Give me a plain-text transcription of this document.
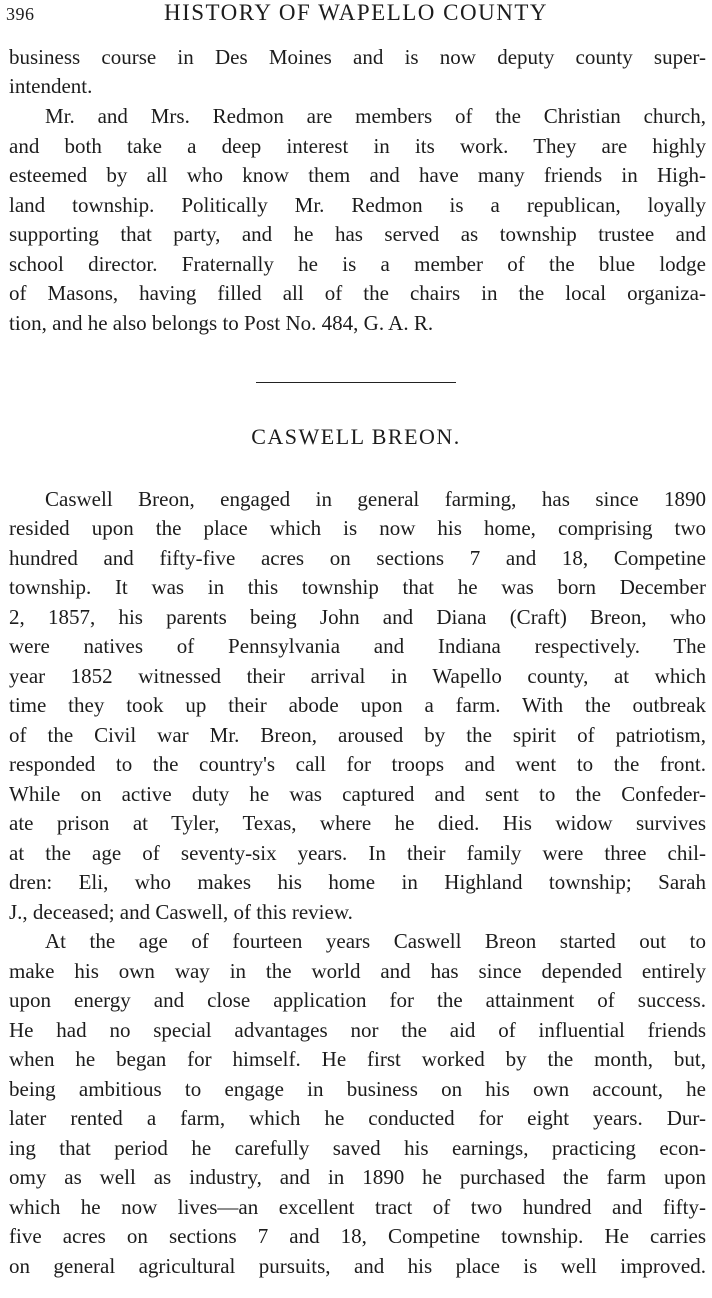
396	HISTORY OF WAPELLO COUNTY
business course in Des Moines and is now deputy county super-
intendent.
Mr. and Mrs. Redmon are members of the Christian church,
and both take a deep interest in its work. They are highly
esteemed by all who know them and have many friends in High-
land township. Politically Mr. Redmon is a republican, loyally
supporting that party, and he has served as township trustee and
school director. Fraternally he is a member of the blue lodge
of Masons, having filled all of the chairs in the local organiza-
tion, and he also belongs to Post No. 484, G. A. R.
CASWELL BREON.
Caswell Breon, engaged in general farming, has since 1890
resided upon the place which is now his home, comprising two
hundred and fifty-five acres on sections 7 and 18, Competine
township. It was in this township that he was born December
2, 1857, his parents being John and Diana (Craft) Breon, who
were natives of Pennsylvania and Indiana respectively. The
year 1852 witnessed their arrival in Wapello county, at which
time they took up their abode upon a farm. With the outbreak
of the Civil war Mr. Breon, aroused by the spirit of patriotism,
responded to the country's call for troops and went to the front.
While on active duty he was captured and sent to the Confeder-
ate prison at Tyler, Texas, where he died. His widow survives
at the age of seventy-six years. In their family were three chil-
dren: Eli, who makes his home in Highland township; Sarah
J., deceased; and Caswell, of this review.
At the age of fourteen years Caswell Breon started out to
make his own way in the world and has since depended entirely
upon energy and close application for the attainment of success.
He had no special advantages nor the aid of influential friends
when he began for himself. He first worked by the month, but,
being ambitious to engage in business on his own account, he
later rented a farm, which he conducted for eight years. Dur-
ing that period he carefully saved his earnings, practicing econ-
omy as well as industry, and in 1890 he purchased the farm upon
which he now lives—an excellent tract of two hundred and fifty-
five acres on sections 7 and 18, Competine township. He carries
on general agricultural pursuits, and his place is well improved.
